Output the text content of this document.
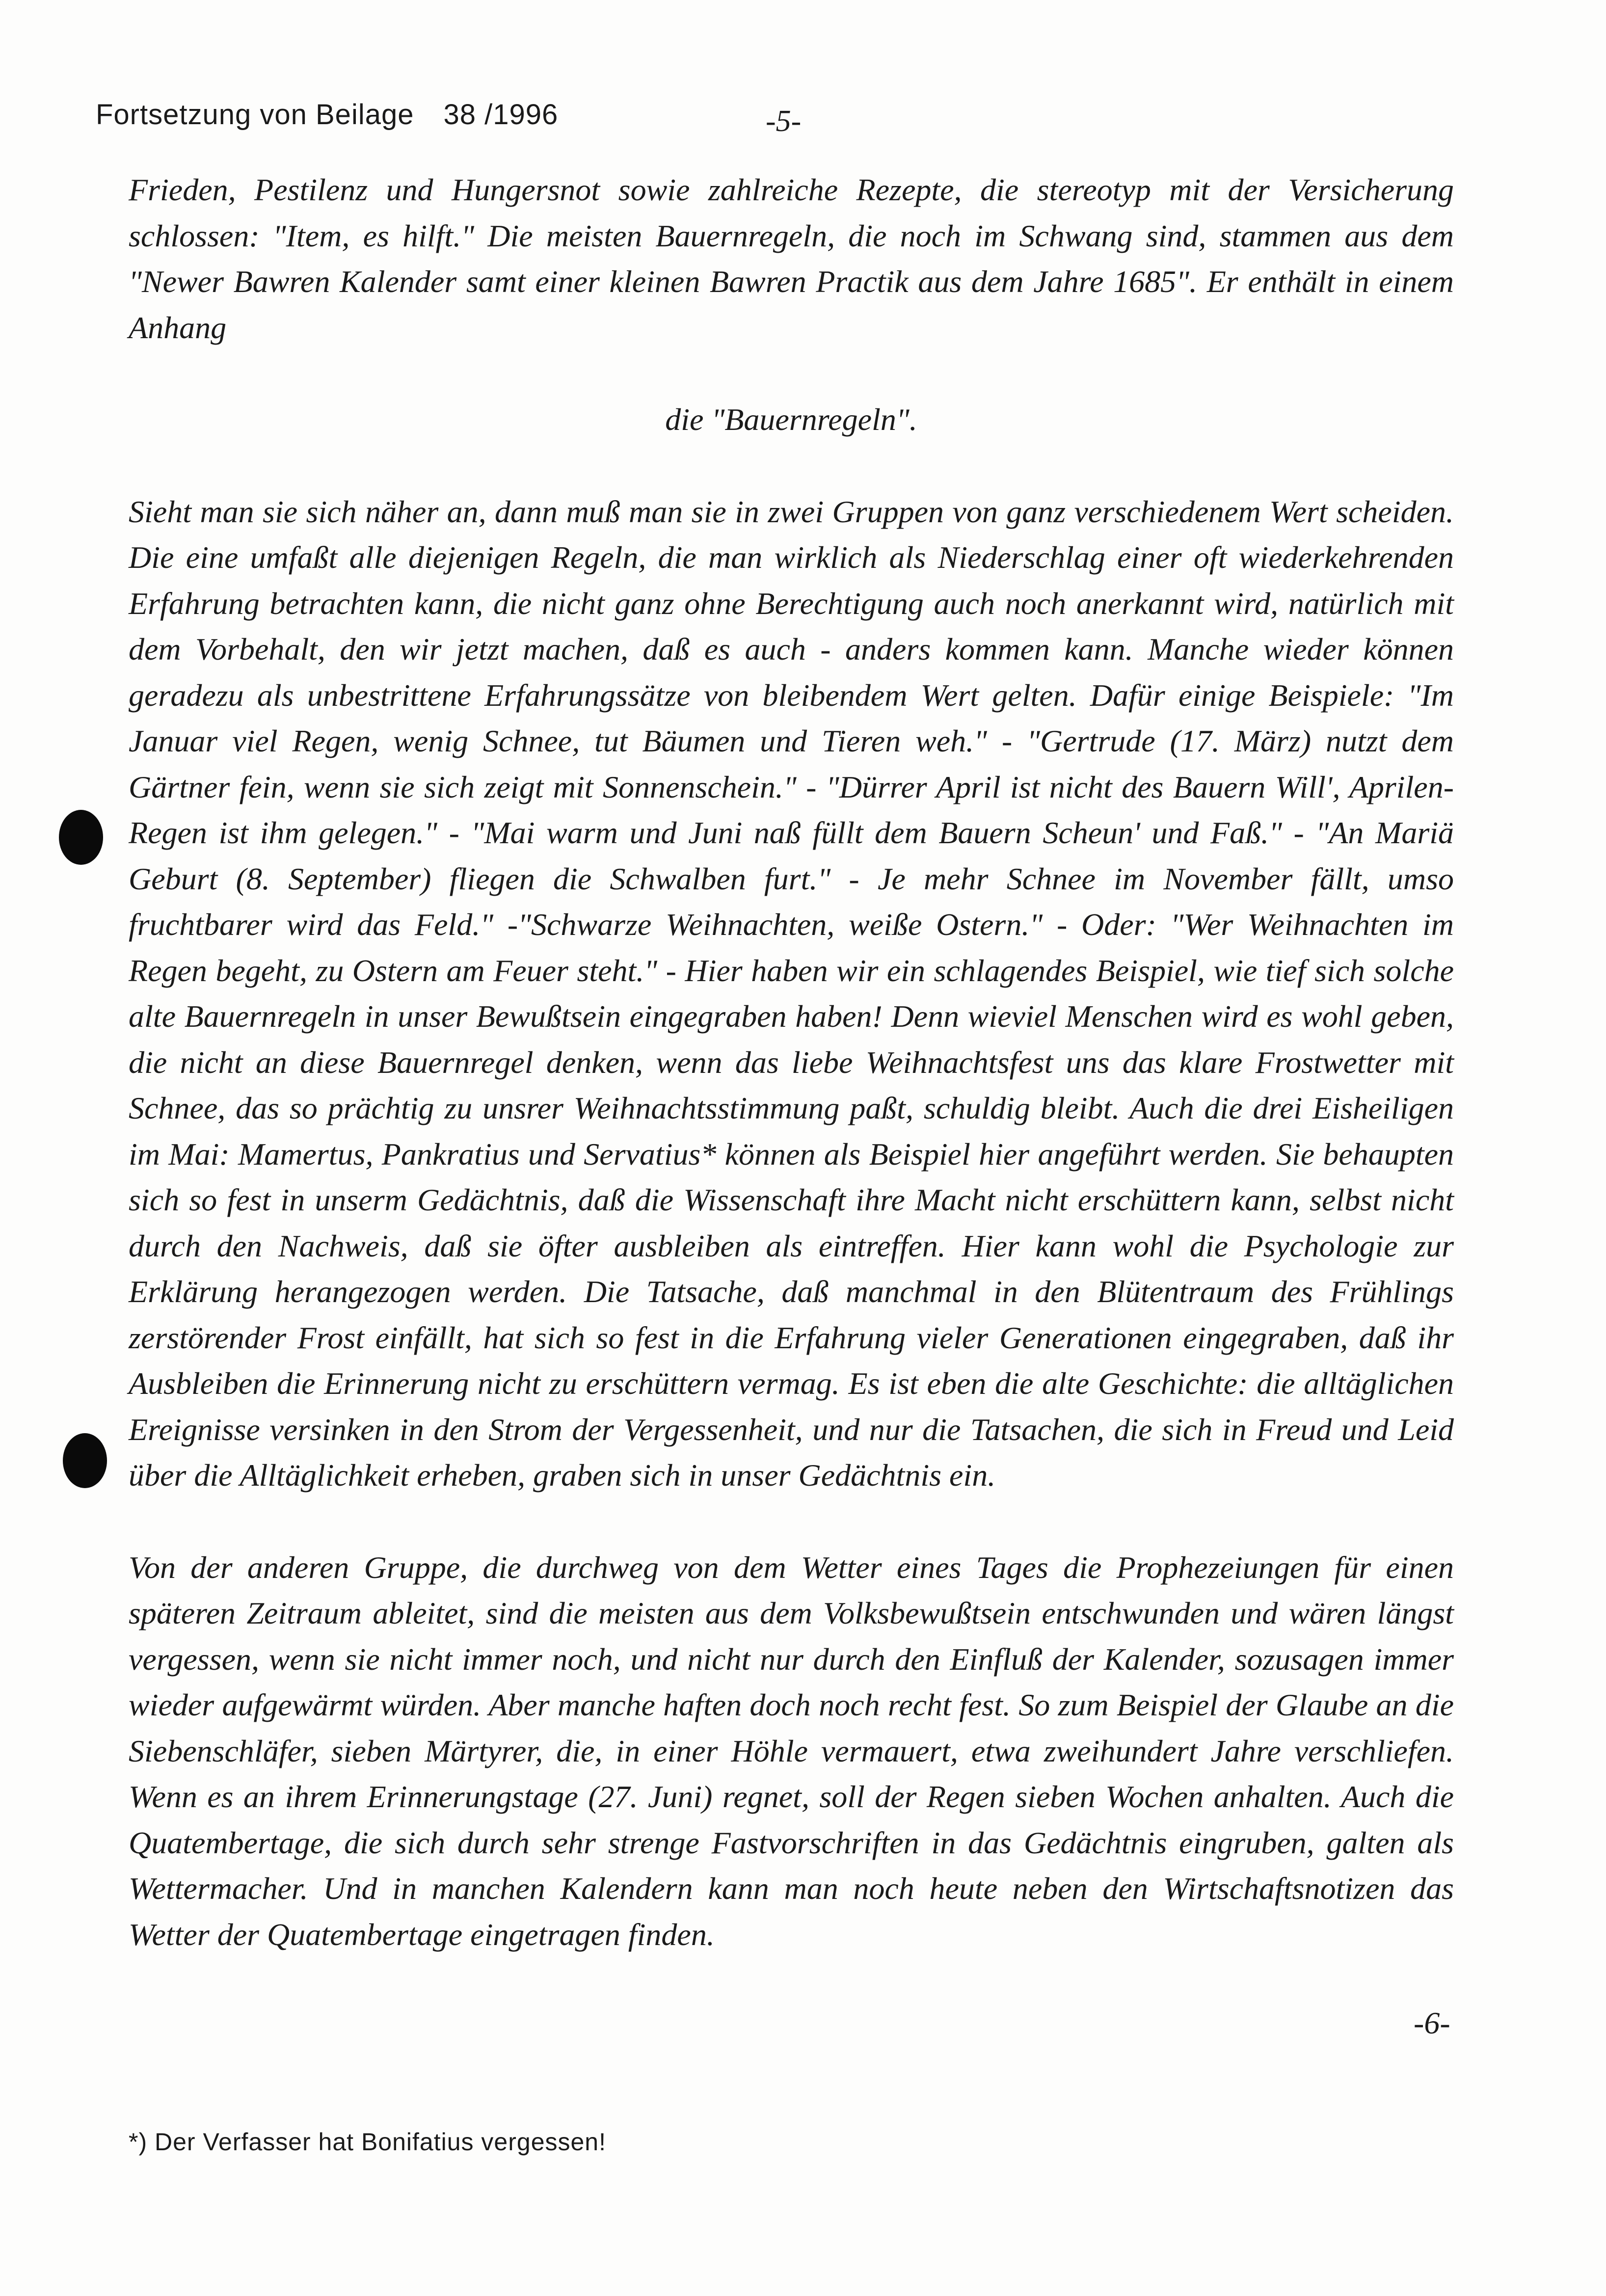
Fortsetzung von Beilage 38 /1996	-5-

Frieden, Pestilenz und Hungersnot sowie zahlreiche Rezepte, die stereotyp mit der Versicherung schlossen: "Item, es hilft." Die meisten Bauernregeln, die noch im Schwang sind, stammen aus dem "Newer Bawren Kalender samt einer kleinen Bawren Practik aus dem Jahre 1685". Er enthält in einem Anhang

die "Bauernregeln".

Sieht man sie sich näher an, dann muß man sie in zwei Gruppen von ganz verschiedenem Wert scheiden. Die eine umfaßt alle diejenigen Regeln, die man wirklich als Niederschlag einer oft wiederkehrenden Erfahrung betrachten kann, die nicht ganz ohne Berechtigung auch noch anerkannt wird, natürlich mit dem Vorbehalt, den wir jetzt machen, daß es auch - anders kommen kann. Manche wieder können geradezu als unbestrittene Erfahrungssätze von bleibendem Wert gelten. Dafür einige Beispiele: "Im Januar viel Regen, wenig Schnee, tut Bäumen und Tieren weh." - "Gertrude (17. März) nutzt dem Gärtner fein, wenn sie sich zeigt mit Sonnenschein." - "Dürrer April ist nicht des Bauern Will', Aprilen-Regen ist ihm gelegen." - "Mai warm und Juni naß füllt dem Bauern Scheun' und Faß." - "An Mariä Geburt (8. September) fliegen die Schwalben furt." - Je mehr Schnee im November fällt, umso fruchtbarer wird das Feld." -"Schwarze Weihnachten, weiße Ostern." - Oder: "Wer Weihnachten im Regen begeht, zu Ostern am Feuer steht." - Hier haben wir ein schlagendes Beispiel, wie tief sich solche alte Bauernregeln in unser Bewußtsein eingegraben haben! Denn wieviel Menschen wird es wohl geben, die nicht an diese Bauernregel denken, wenn das liebe Weihnachtsfest uns das klare Frostwetter mit Schnee, das so prächtig zu unsrer Weihnachtsstimmung paßt, schuldig bleibt. Auch die drei Eisheiligen im Mai: Mamertus, Pankratius und Servatius* können als Beispiel hier angeführt werden. Sie behaupten sich so fest in unserm Gedächtnis, daß die Wissenschaft ihre Macht nicht erschüttern kann, selbst nicht durch den Nachweis, daß sie öfter ausbleiben als eintreffen. Hier kann wohl die Psychologie zur Erklärung herangezogen werden. Die Tatsache, daß manchmal in den Blütentraum des Frühlings zerstörender Frost einfällt, hat sich so fest in die Erfahrung vieler Generationen eingegraben, daß ihr Ausbleiben die Erinnerung nicht zu erschüttern vermag. Es ist eben die alte Geschichte: die alltäglichen Ereignisse versinken in den Strom der Vergessenheit, und nur die Tatsachen, die sich in Freud und Leid über die Alltäglichkeit erheben, graben sich in unser Gedächtnis ein.

Von der anderen Gruppe, die durchweg von dem Wetter eines Tages die Prophezeiungen für einen späteren Zeitraum ableitet, sind die meisten aus dem Volksbewußtsein entschwunden und wären längst vergessen, wenn sie nicht immer noch, und nicht nur durch den Einfluß der Kalender, sozusagen immer wieder aufgewärmt würden. Aber manche haften doch noch recht fest. So zum Beispiel der Glaube an die Siebenschläfer, sieben Märtyrer, die, in einer Höhle vermauert, etwa zweihundert Jahre verschliefen. Wenn es an ihrem Erinnerungstage (27. Juni) regnet, soll der Regen sieben Wochen anhalten. Auch die Quatembertage, die sich durch sehr strenge Fastvorschriften in das Gedächtnis eingruben, galten als Wettermacher. Und in manchen Kalendern kann man noch heute neben den Wirtschaftsnotizen das Wetter der Quatembertage eingetragen finden.

-6-
*) Der Verfasser hat Bonifatius vergessen!
